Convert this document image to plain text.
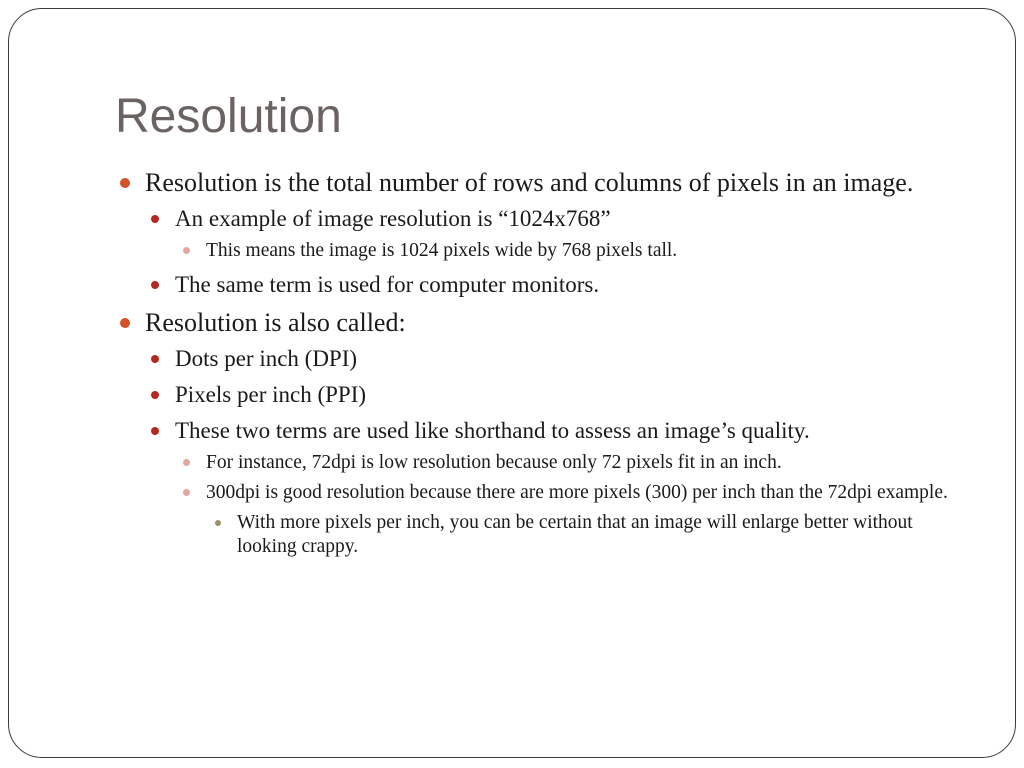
Resolution
Resolution is the total number of rows and columns of pixels in an image.
An example of image resolution is “1024x768”
This means the image is 1024 pixels wide by 768 pixels tall.
The same term is used for computer monitors.
Resolution is also called:
Dots per inch (DPI)
Pixels per inch (PPI)
These two terms are used like shorthand to assess an image’s quality.
For instance, 72dpi is low resolution because only 72 pixels fit in an inch.
300dpi is good resolution because there are more pixels (300) per inch than the 72dpi example.
With more pixels per inch, you can be certain that an image will enlarge better without looking crappy.
